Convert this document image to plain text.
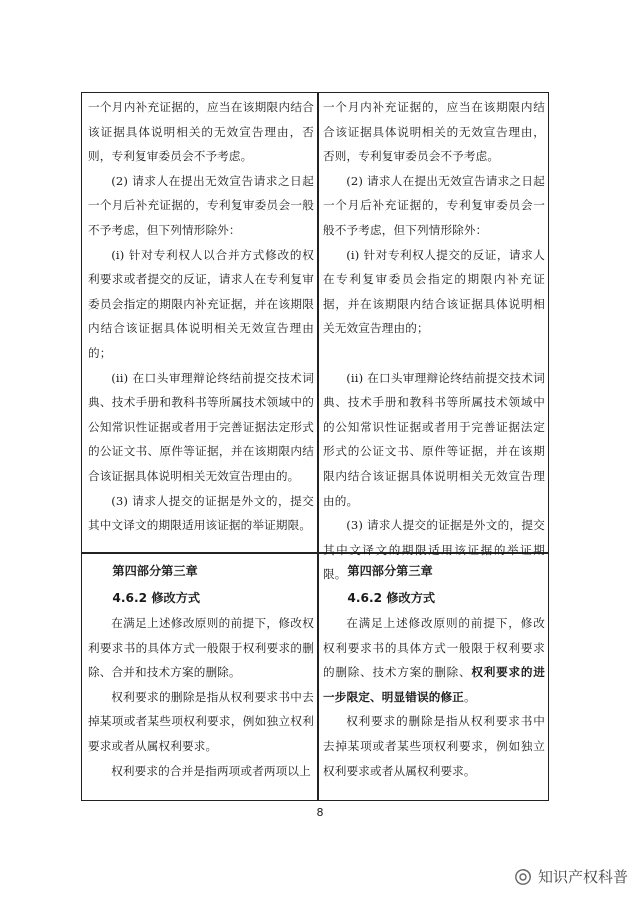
一个月内补充证据的，应当在该期限内结合该证据具体说明相关的无效宣告理由，否则，专利复审委员会不予考虑。

(2) 请求人在提出无效宣告请求之日起一个月后补充证据的，专利复审委员会一般不予考虑，但下列情形除外：

(i) 针对专利权人以合并方式修改的权利要求或者提交的反证，请求人在专利复审委员会指定的期限内补充证据，并在该期限内结合该证据具体说明相关无效宣告理由的；

(ii) 在口头审理辩论终结前提交技术词典、技术手册和教科书等所属技术领域中的公知常识性证据或者用于完善证据法定形式的公证文书、原件等证据，并在该期限内结合该证据具体说明相关无效宣告理由的。

(3) 请求人提交的证据是外文的，提交其中文译文的期限适用该证据的举证期限。

一个月内补充证据的，应当在该期限内结合该证据具体说明相关的无效宣告理由，否则，专利复审委员会不予考虑。

(2) 请求人在提出无效宣告请求之日起一个月后补充证据的，专利复审委员会一般不予考虑，但下列情形除外：

(i) 针对专利权人提交的反证，请求人在专利复审委员会指定的期限内补充证据，并在该期限内结合该证据具体说明相关无效宣告理由的；

(ii) 在口头审理辩论终结前提交技术词典、技术手册和教科书等所属技术领域中的公知常识性证据或者用于完善证据法定形式的公证文书、原件等证据，并在该期限内结合该证据具体说明相关无效宣告理由的。

(3) 请求人提交的证据是外文的，提交其中文译文的期限适用该证据的举证期限。

第四部分第三章
4.6.2 修改方式

在满足上述修改原则的前提下，修改权利要求书的具体方式一般限于权利要求的删除、合并和技术方案的删除。

权利要求的删除是指从权利要求书中去掉某项或者某些项权利要求，例如独立权利要求或者从属权利要求。

权利要求的合并是指两项或者两项以上

第四部分第三章
4.6.2 修改方式

在满足上述修改原则的前提下，修改权利要求书的具体方式一般限于权利要求的删除、技术方案的删除、权利要求的进一步限定、明显错误的修正。

权利要求的删除是指从权利要求书中去掉某项或者某些项权利要求，例如独立权利要求或者从属权利要求。

8
知识产权科普
